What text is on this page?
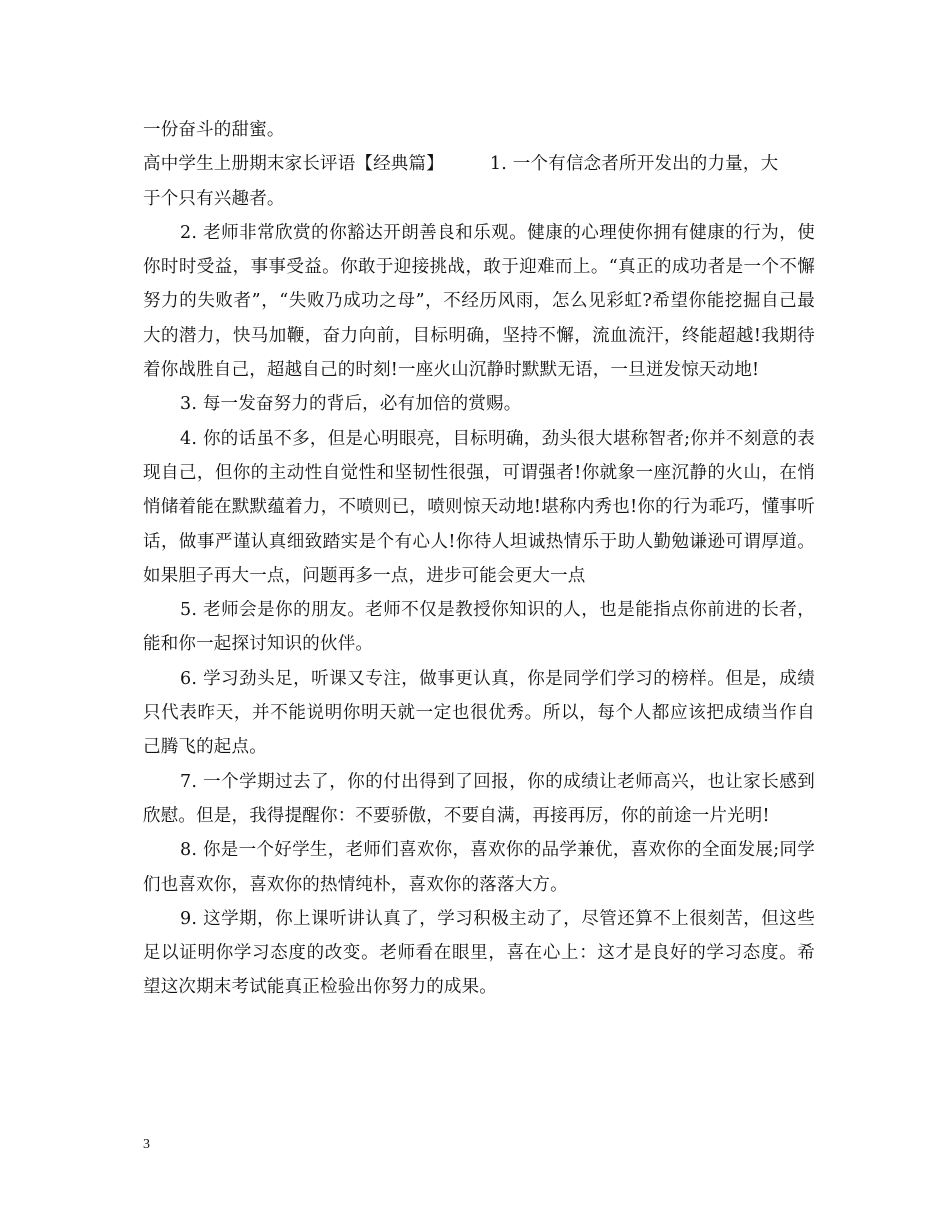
一份奋斗的甜蜜。

高中学生上册期末家长评语【经典篇】	1. 一个有信念者所开发出的力量，大

于个只有兴趣者。

2. 老师非常欣赏的你豁达开朗善良和乐观。健康的心理使你拥有健康的行为，使你时时受益，事事受益。你敢于迎接挑战，敢于迎难而上。“真正的成功者是一个不懈努力的失败者”，“失败乃成功之母”，不经历风雨，怎么见彩虹?希望你能挖掘自己最大的潜力，快马加鞭，奋力向前，目标明确，坚持不懈，流血流汗，终能超越!我期待着你战胜自己，超越自己的时刻!一座火山沉静时默默无语，一旦迸发惊天动地!

3. 每一发奋努力的背后，必有加倍的赏赐。

4. 你的话虽不多，但是心明眼亮，目标明确，劲头很大堪称智者;你并不刻意的表现自己，但你的主动性自觉性和坚韧性很强，可谓强者!你就象一座沉静的火山，在悄悄储着能在默默蕴着力，不喷则已，喷则惊天动地!堪称内秀也!你的行为乖巧，懂事听话，做事严谨认真细致踏实是个有心人!你待人坦诚热情乐于助人勤勉谦逊可谓厚道。如果胆子再大一点，问题再多一点，进步可能会更大一点

5. 老师会是你的朋友。老师不仅是教授你知识的人，也是能指点你前进的长者，能和你一起探讨知识的伙伴。

6. 学习劲头足，听课又专注，做事更认真，你是同学们学习的榜样。但是，成绩只代表昨天，并不能说明你明天就一定也很优秀。所以，每个人都应该把成绩当作自己腾飞的起点。

7. 一个学期过去了，你的付出得到了回报，你的成绩让老师高兴，也让家长感到欣慰。但是，我得提醒你：不要骄傲，不要自满，再接再厉，你的前途一片光明!

8. 你是一个好学生，老师们喜欢你，喜欢你的品学兼优，喜欢你的全面发展;同学们也喜欢你，喜欢你的热情纯朴，喜欢你的落落大方。

9. 这学期，你上课听讲认真了，学习积极主动了，尽管还算不上很刻苦，但这些足以证明你学习态度的改变。老师看在眼里，喜在心上：这才是良好的学习态度。希望这次期末考试能真正检验出你努力的成果。

3
